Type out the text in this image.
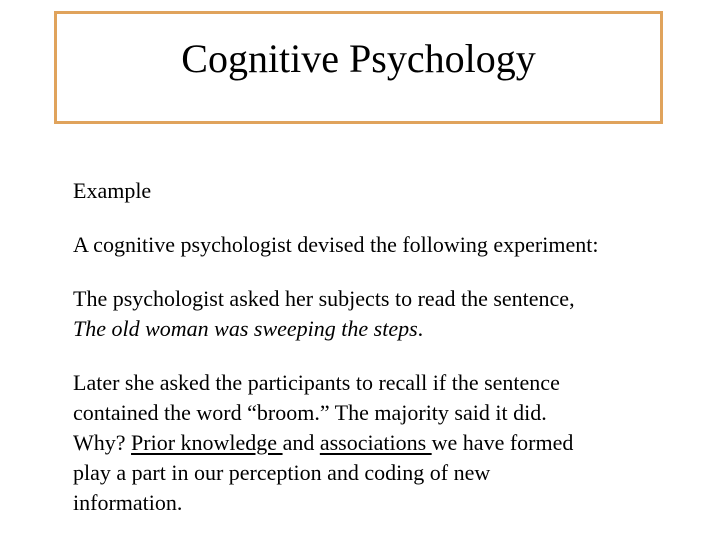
Cognitive Psychology

Example

A cognitive psychologist devised the following experiment:

The psychologist asked her subjects to read the sentence,
The old woman was sweeping the steps.

Later she asked the participants to recall if the sentence
contained the word “broom.” The majority said it did.
Why? Prior knowledge and associations we have formed
play a part in our perception and coding of new
information.
